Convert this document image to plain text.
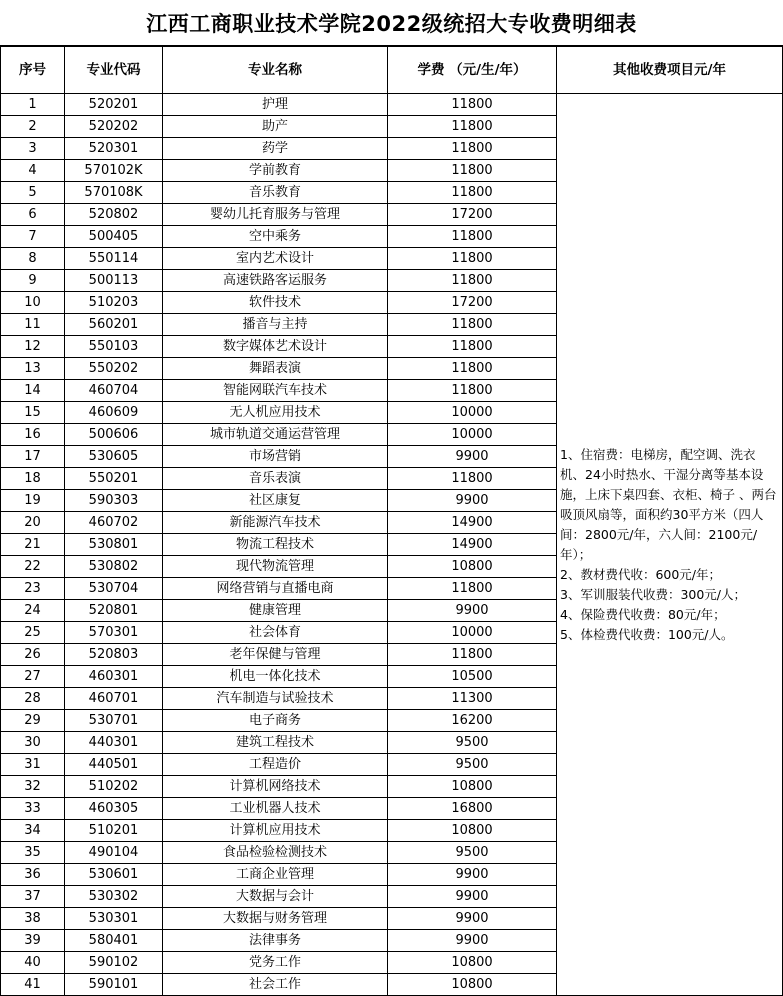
江西工商职业技术学院2022级统招大专收费明细表
序号	专业代码	专业名称	学费 （元/生/年）	其他收费项目元/年
1	520201	护理	11800	1、住宿费：电梯房，配空调、洗衣机、24小时热水、干湿分离等基本设施，上床下桌四套、衣柜、椅子 、两台吸顶风扇等，面积约30平方米（四人间：2800元/年，六人间：2100元/年）；
2、教材费代收：600元/年；
3、军训服装代收费：300元/人；
4、保险费代收费：80元/年；
5、体检费代收费：100元/人。

2	520202	助产	11800	
3	520301	药学	11800	
4	570102K	学前教育	11800	
5	570108K	音乐教育	11800	
6	520802	婴幼儿托育服务与管理	17200	
7	500405	空中乘务	11800	
8	550114	室内艺术设计	11800	
9	500113	高速铁路客运服务	11800	
10	510203	软件技术	17200	
11	560201	播音与主持	11800	
12	550103	数字媒体艺术设计	11800	
13	550202	舞蹈表演	11800	
14	460704	智能网联汽车技术	11800	
15	460609	无人机应用技术	10000	
16	500606	城市轨道交通运营管理	10000	
17	530605	市场营销	9900	
18	550201	音乐表演	11800	
19	590303	社区康复	9900	
20	460702	新能源汽车技术	14900	
21	530801	物流工程技术	14900	
22	530802	现代物流管理	10800	
23	530704	网络营销与直播电商	11800	
24	520801	健康管理	9900	
25	570301	社会体育	10000	
26	520803	老年保健与管理	11800	
27	460301	机电一体化技术	10500	
28	460701	汽车制造与试验技术	11300	
29	530701	电子商务	16200	
30	440301	建筑工程技术	9500	
31	440501	工程造价	9500	
32	510202	计算机网络技术	10800	
33	460305	工业机器人技术	16800	
34	510201	计算机应用技术	10800	
35	490104	食品检验检测技术	9500	
36	530601	工商企业管理	9900	
37	530302	大数据与会计	9900	
38	530301	大数据与财务管理	9900	
39	580401	法律事务	9900	
40	590102	党务工作	10800	
41	590101	社会工作	10800	
